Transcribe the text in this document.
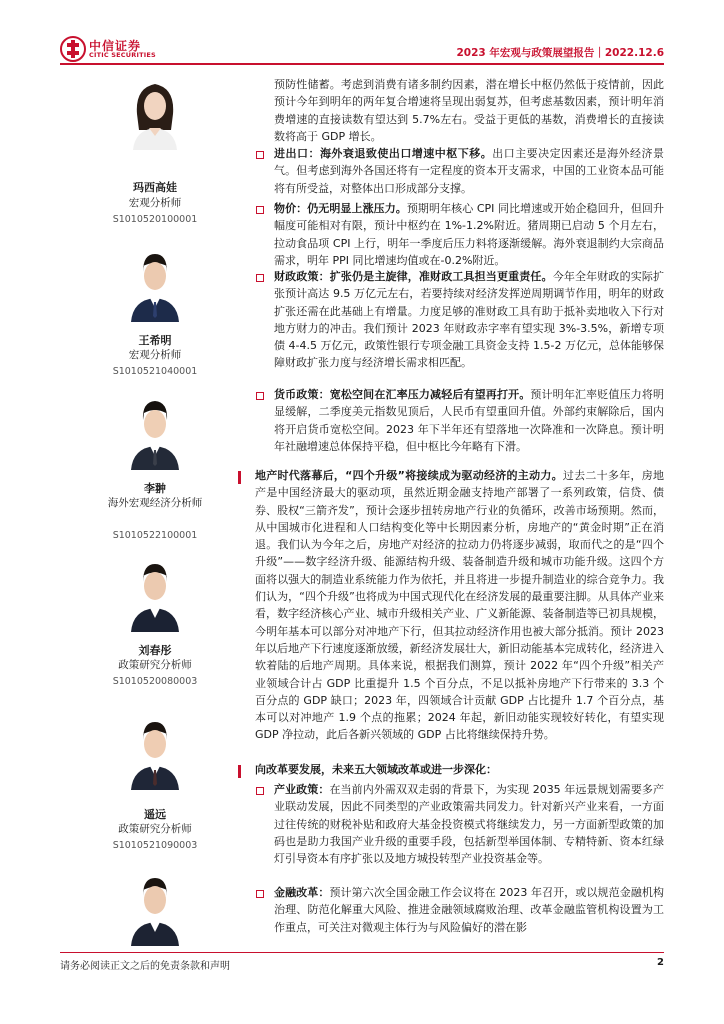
中信证券
CITIC SECURITIES	2023 年宏观与政策展望报告｜2022.12.6
玛西高娃
宏观分析师
S1010520100001
王希明
宏观分析师
S1010521040001
李翀
海外宏观经济分析师
S1010522100001
刘春彤
政策研究分析师
S1010520080003
遥远
政策研究分析师
S1010521090003
预防性储蓄。考虑到消费有诸多制约因素，潜在增长中枢仍然低于疫情前，因此预计今年到明年的两年复合增速将呈现出弱复苏，但考虑基数因素，预计明年消费增速的直接读数有望达到 5.7%左右。受益于更低的基数，消费增长的直接读数将高于 GDP 增长。
进出口：海外衰退致使出口增速中枢下移。出口主要决定因素还是海外经济景气。但考虑到海外各国还将有一定程度的资本开支需求，中国的工业资本品可能将有所受益，对整体出口形成部分支撑。
物价：仍无明显上涨压力。预期明年核心 CPI 同比增速或开始企稳回升，但回升幅度可能相对有限，预计中枢约在 1%-1.2%附近。猪周期已启动 5 个月左右，拉动食品项 CPI 上行，明年一季度后压力料将逐渐缓解。海外衰退制约大宗商品需求，明年 PPI 同比增速均值或在-0.2%附近。
财政政策：扩张仍是主旋律，准财政工具担当更重责任。今年全年财政的实际扩张预计高达 9.5 万亿元左右，若要持续对经济发挥逆周期调节作用，明年的财政扩张还需在此基础上有增量。力度足够的准财政工具有助于抵补卖地收入下行对地方财力的冲击。我们预计 2023 年财政赤字率有望实现 3%-3.5%，新增专项债 4-4.5 万亿元，政策性银行专项金融工具资金支持 1.5-2 万亿元，总体能够保障财政扩张力度与经济增长需求相匹配。
货币政策：宽松空间在汇率压力减轻后有望再打开。预计明年汇率贬值压力将明显缓解，二季度美元指数见顶后，人民币有望重回升值。外部约束解除后，国内将开启货币宽松空间。2023 年下半年还有望落地一次降准和一次降息。预计明年社融增速总体保持平稳，但中枢比今年略有下滑。
地产时代落幕后，“四个升级”将接续成为驱动经济的主动力。过去二十多年，房地产是中国经济最大的驱动项，虽然近期金融支持地产部署了一系列政策，信贷、债券、股权“三箭齐发”，预计会逐步扭转房地产行业的负循环，改善市场预期。然而，从中国城市化进程和人口结构变化等中长期因素分析，房地产的“黄金时期”正在消退。我们认为今年之后，房地产对经济的拉动力仍将逐步减弱，取而代之的是“四个升级”——数字经济升级、能源结构升级、装备制造升级和城市功能升级。这四个方面将以强大的制造业系统能力作为依托，并且将进一步提升制造业的综合竞争力。我们认为，“四个升级”也将成为中国式现代化在经济发展的最重要注脚。从具体产业来看，数字经济核心产业、城市升级相关产业、广义新能源、装备制造等已初具规模，今明年基本可以部分对冲地产下行，但其拉动经济作用也被大部分抵消。预计 2023 年以后地产下行速度逐渐放缓，新经济发展壮大，新旧动能基本完成转化，经济进入软着陆的后地产周期。具体来说，根据我们测算，预计 2022 年“四个升级”相关产业领域合计占 GDP 比重提升 1.5 个百分点，不足以抵补房地产下行带来的 3.3 个百分点的 GDP 缺口；2023 年，四领域合计贡献 GDP 占比提升 1.7 个百分点，基本可以对冲地产 1.9 个点的拖累；2024 年起，新旧动能实现较好转化，有望实现 GDP 净拉动，此后各新兴领域的 GDP 占比将继续保持升势。
向改革要发展，未来五大领域改革或进一步深化：
产业政策：在当前内外需双双走弱的背景下，为实现 2035 年远景规划需要多产业联动发展，因此不同类型的产业政策需共同发力。针对新兴产业来看，一方面过往传统的财税补贴和政府大基金投资模式将继续发力，另一方面新型政策的加码也是助力我国产业升级的重要手段，包括新型举国体制、专精特新、资本红绿灯引导资本有序扩张以及地方城投转型产业投资基金等。
金融改革：预计第六次全国金融工作会议将在 2023 年召开，或以规范金融机构治理、防范化解重大风险、推进金融领域腐败治理、改革金融监管机构设置为工作重点，可关注对微观主体行为与风险偏好的潜在影
请务必阅读正文之后的免责条款和声明	2
